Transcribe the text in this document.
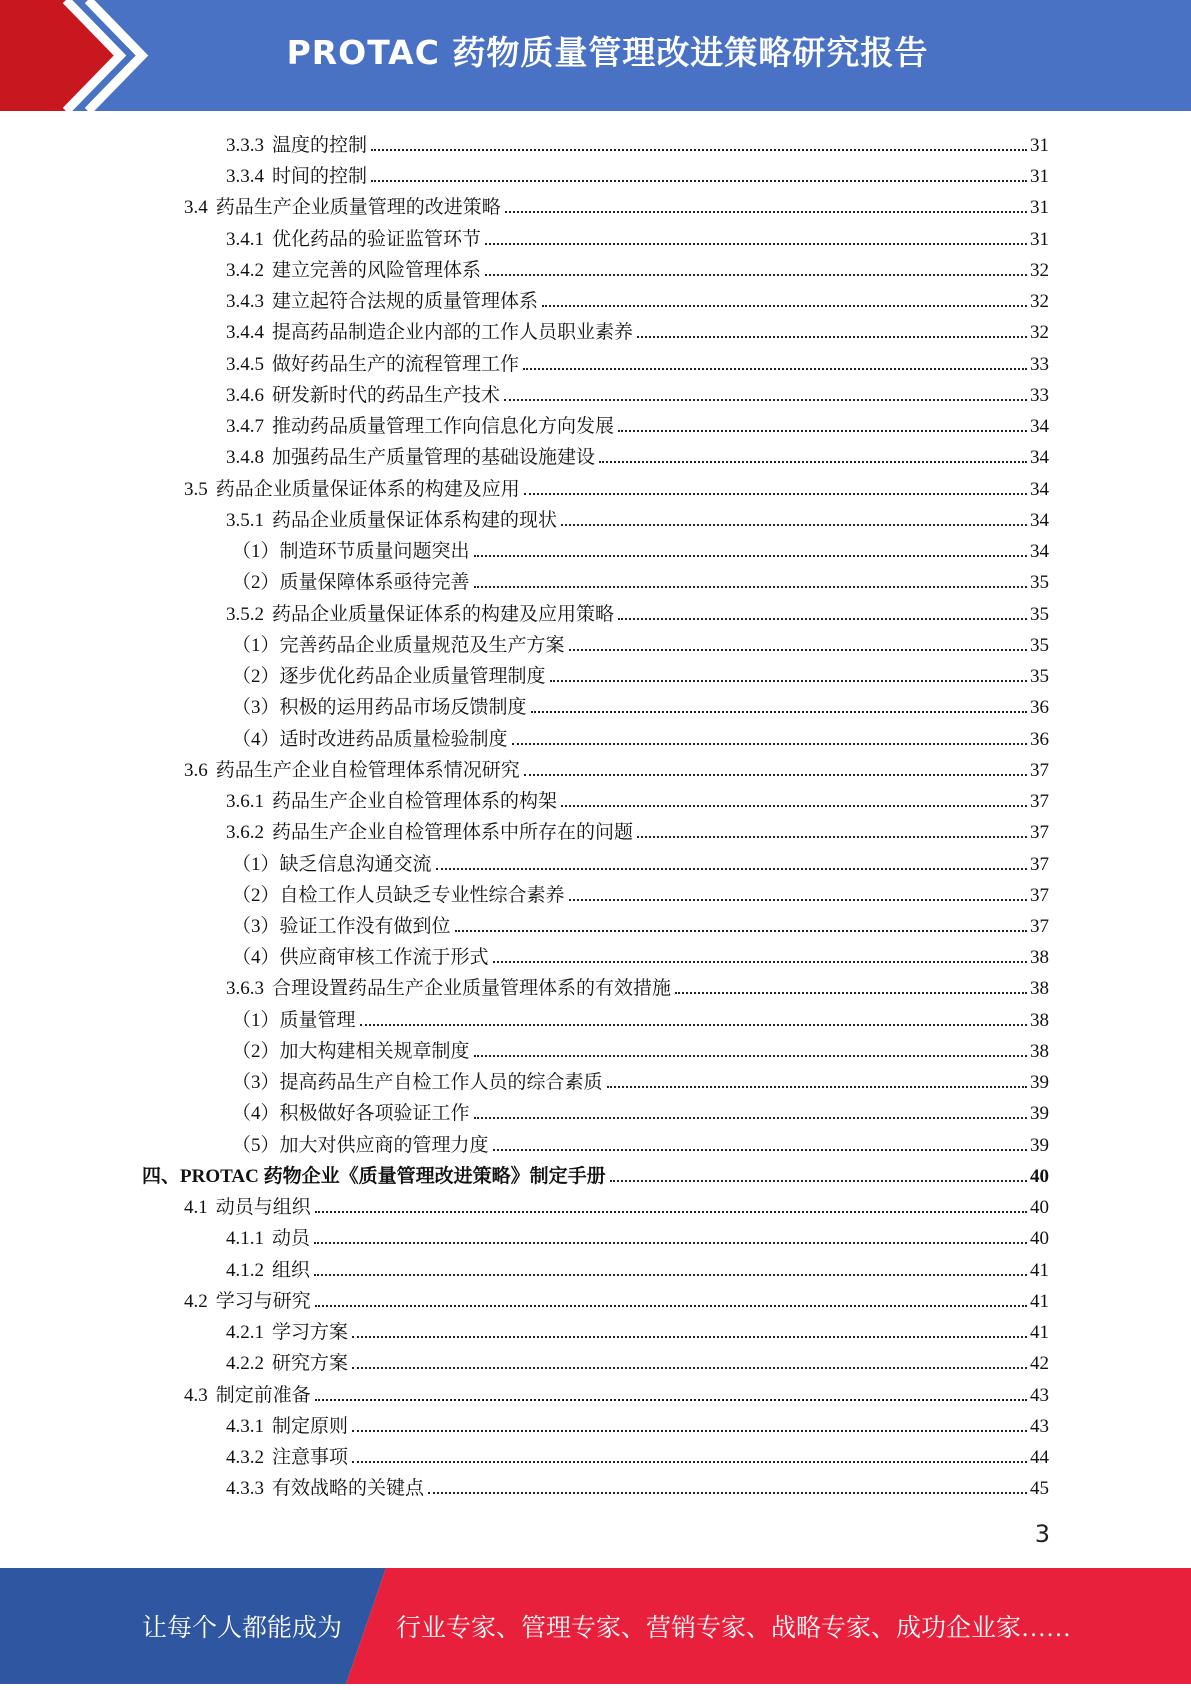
PROTAC 药物质量管理改进策略研究报告
3.3.3 温度的控制	31
3.3.4 时间的控制	31
3.4 药品生产企业质量管理的改进策略	31
3.4.1 优化药品的验证监管环节	31
3.4.2 建立完善的风险管理体系	32
3.4.3 建立起符合法规的质量管理体系	32
3.4.4 提高药品制造企业内部的工作人员职业素养	32
3.4.5 做好药品生产的流程管理工作	33
3.4.6 研发新时代的药品生产技术	33
3.4.7 推动药品质量管理工作向信息化方向发展	34
3.4.8 加强药品生产质量管理的基础设施建设	34
3.5 药品企业质量保证体系的构建及应用	34
3.5.1 药品企业质量保证体系构建的现状	34
（1） 制造环节质量问题突出	34
（2） 质量保障体系亟待完善	35
3.5.2 药品企业质量保证体系的构建及应用策略	35
（1） 完善药品企业质量规范及生产方案	35
（2） 逐步优化药品企业质量管理制度	35
（3） 积极的运用药品市场反馈制度	36
（4） 适时改进药品质量检验制度	36
3.6 药品生产企业自检管理体系情况研究	37
3.6.1 药品生产企业自检管理体系的构架	37
3.6.2 药品生产企业自检管理体系中所存在的问题	37
（1） 缺乏信息沟通交流	37
（2） 自检工作人员缺乏专业性综合素养	37
（3） 验证工作没有做到位	37
（4） 供应商审核工作流于形式	38
3.6.3 合理设置药品生产企业质量管理体系的有效措施	38
（1） 质量管理	38
（2） 加大构建相关规章制度	38
（3） 提高药品生产自检工作人员的综合素质	39
（4） 积极做好各项验证工作	39
（5） 加大对供应商的管理力度	39
四、 PROTAC 药物企业《质量管理改进策略》制定手册	40
4.1 动员与组织	40
4.1.1 动员	40
4.1.2 组织	41
4.2 学习与研究	41
4.2.1 学习方案	41
4.2.2 研究方案	42
4.3 制定前准备	43
4.3.1 制定原则	43
4.3.2 注意事项	44
4.3.3 有效战略的关键点	45
3
让每个人都能成为 行业专家、管理专家、营销专家、战略专家、成功企业家……
